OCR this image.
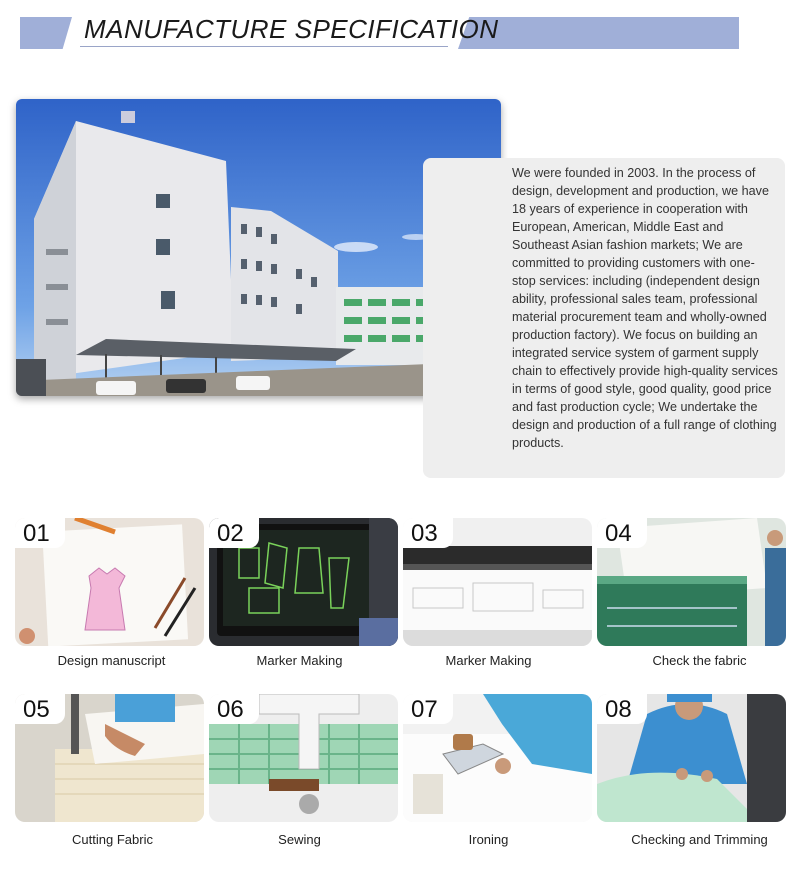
MANUFACTURE SPECIFICATION

We were founded in 2003. In the process of design, development and production, we have 18 years of experience in cooperation with European, American, Middle East and Southeast Asian fashion markets; We are committed to providing customers with one-stop services: including (independent design ability, professional sales team, professional material procurement team and wholly-owned production factory). We focus on building an integrated service system of garment supply chain to effectively provide high-quality services in terms of good style, good quality, good price and fast production cycle; We undertake the design and production of a full range of clothing products.

01
Design manuscript
02
Marker Making
03
Marker Making
04
Check the fabric
05
Cutting Fabric
06
Sewing
07
Ironing
08
Checking and Trimming
